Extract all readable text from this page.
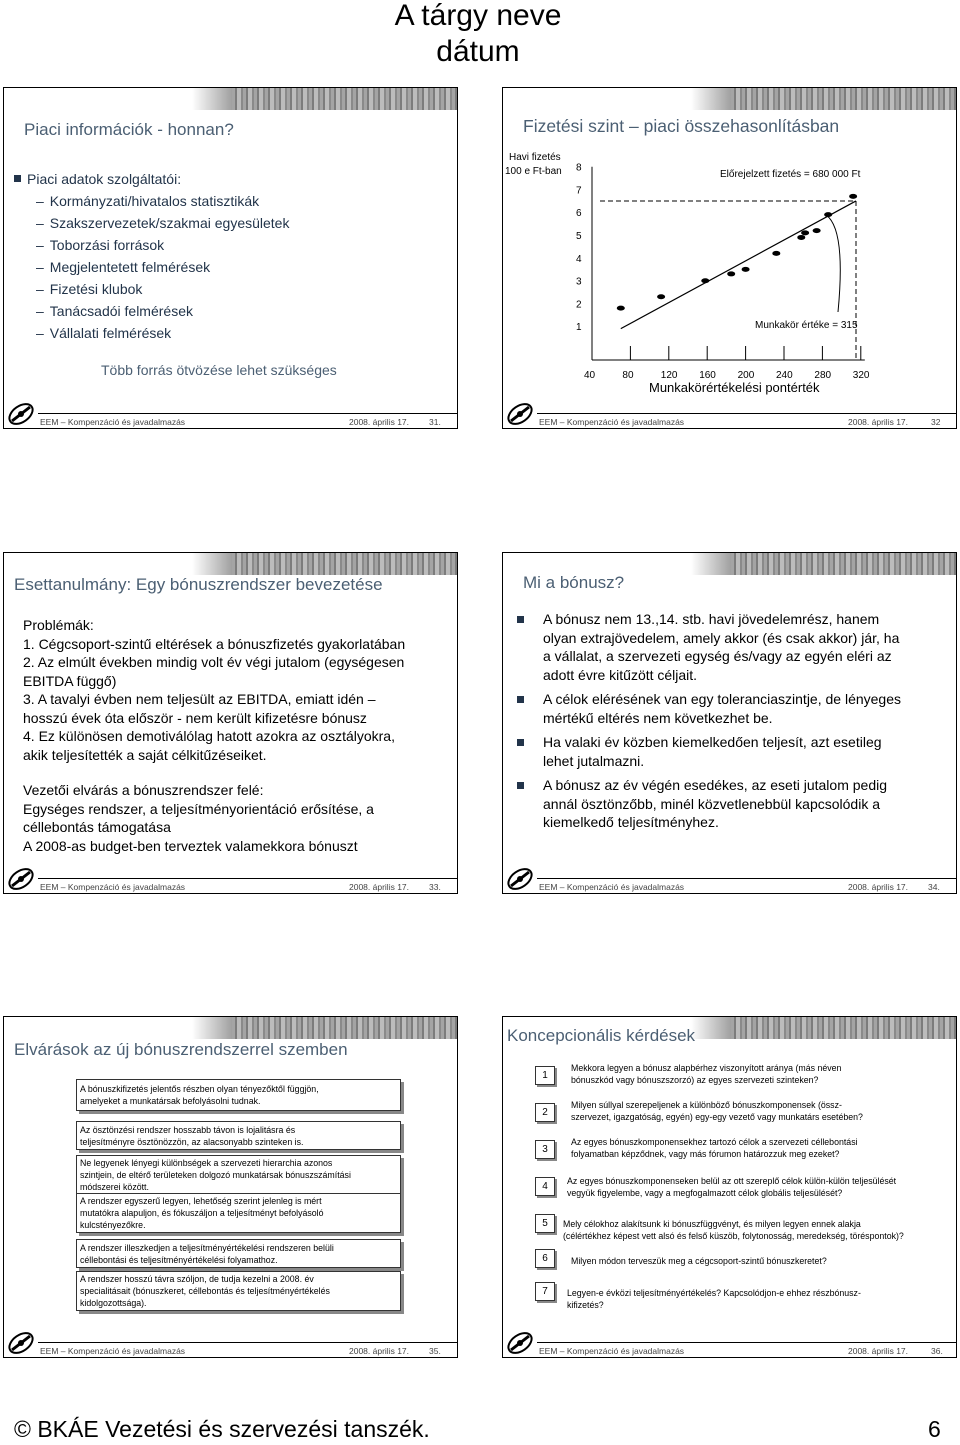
A tárgy neve
dátum
Piaci információk - honnan?
Piaci adatok szolgáltatói:
– Kormányzati/hivatalos statisztikák
– Szakszervezetek/szakmai egyesületek
– Toborzási források
– Megjelentetett felmérések
– Fizetési klubok
– Tanácsadói felmérések
– Vállalati felmérések
Több forrás ötvözése lehet szükséges
EEM – Kompenzáció és javadalmazás	2008. április 17. 31.
Fizetési szint – piaci összehasonlításban
Havi fizetés
100 e Ft-ban	Előrejelzett fizetés = 680 000 Ft
Munkakör értéke = 315
Munkakörértékelési pontérték
8
7
6
5
4
3
2
1
40	80	120 160 200 240 280 320
EEM – Kompenzáció és javadalmazás	2008. április 17.	32
Esettanulmány: Egy bónuszrendszer bevezetése
Problémák:
1. Cégcsoport-szintű eltérések a bónuszfizetés gyakorlatában
2. Az elmúlt években mindig volt év végi jutalom (egységesen
EBITDA függő)
3. A tavalyi évben nem teljesült az EBITDA, emiatt idén –
hosszú évek óta először - nem került kifizetésre bónusz
4. Ez különösen demotiválólag hatott azokra az osztályokra,
akik teljesítették a saját célkitűzéseiket.
Vezetői elvárás a bónuszrendszer felé:
Egységes rendszer, a teljesítményorientáció erősítése, a
céllebontás támogatása
A 2008-as budget-ben terveztek valamekkora bónuszt
EEM – Kompenzáció és javadalmazás	2008. április 17. 33.
Mi a bónusz?
A bónusz nem 13.,14. stb. havi jövedelemrész, hanem
olyan extrajövedelem, amely akkor (és csak akkor) jár, ha
a vállalat, a szervezeti egység és/vagy az egyén eléri az
adott évre kitűzött céljait.
A célok elérésének van egy toleranciaszintje, de lényeges
mértékű eltérés nem következhet be.
Ha valaki év közben kiemelkedően teljesít, azt esetileg
lehet jutalmazni.
A bónusz az év végén esedékes, az eseti jutalom pedig
annál ösztönzőbb, minél közvetlenebbül kapcsolódik a
kiemelkedő teljesítményhez.
EEM – Kompenzáció és javadalmazás	2008. április 17. 34.
Elvárások az új bónuszrendszerrel szemben
A bónuszkifizetés jelentős részben olyan tényezőktől függjön,
amelyeket a munkatársak befolyásolni tudnak.
Az ösztönzési rendszer hosszabb távon is lojalitásra és
teljesítményre ösztönözzön, az alacsonyabb szinteken is.
Ne legyenek lényegi különbségek a szervezeti hierarchia azonos
szintjein, de eltérő területeken dolgozó munkatársak bónuszszámítási
módszerei között.
A rendszer egyszerű legyen, lehetőség szerint jelenleg is mért
mutatókra alapuljon, és fókuszáljon a teljesítményt befolyásoló
kulcstényezőkre.
A rendszer illeszkedjen a teljesítményértékelési rendszeren belüli
céllebontási és teljesítményértékelési folyamathoz.
A rendszer hosszú távra szóljon, de tudja kezelni a 2008. év
specialitásait (bónuszkeret, céllebontás és teljesítményértékelés
kidolgozottsága).
EEM – Kompenzáció és javadalmazás	2008. április 17. 35.
Koncepcionális kérdések
1
Mekkora legyen a bónusz alapbérhez viszonyított aránya (más néven
bónuszkód vagy bónuszszorzó) az egyes szervezeti szinteken?
2
Milyen súllyal szerepeljenek a különböző bónuszkomponensek (össz-
szervezet, igazgatóság, egyén) egy-egy vezető vagy munkatárs esetében?
3
Az egyes bónuszkomponensekhez tartozó célok a szervezeti céllebontási
folyamatban képződnek, vagy más fórumon határozzuk meg ezeket?
4	Az egyes bónuszkomponenseken belül az ott szereplő célok külön-külön teljesülését
vegyük figyelembe, vagy a megfogalmazott célok globális teljesülését?
5	Mely célokhoz alakítsunk ki bónuszfüggvényt, és milyen legyen ennek alakja
(célértékhez képest vett alsó és felső küszöb, folytonosság, meredekség, töréspontok)?
6	Milyen módon terveszük meg a cégcsoport-szintű bónuszkeretet?
7	Legyen-e évközi teljesítményértékelés? Kapcsolódjon-e ehhez részbónusz-
kifizetés?
EEM – Kompenzáció és javadalmazás	2008. április 17.	36.
© BKÁE Vezetési és szervezési tanszék.	6
